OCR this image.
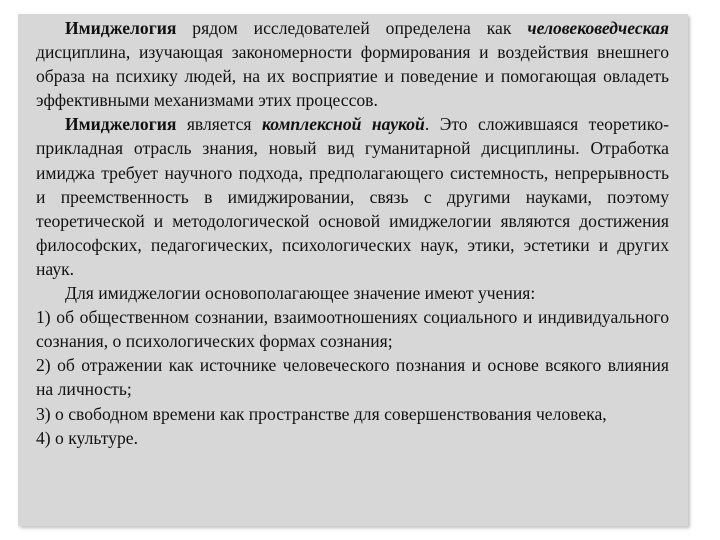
Имиджелогия рядом исследователей определена как человековедческая дисциплина, изучающая закономерности формирования и воздействия внешнего образа на психику людей, на их восприятие и поведение и помогающая овладеть эффективными механизмами этих процессов.

Имиджелогия является комплексной наукой. Это сложившаяся теоретико-прикладная отрасль знания, новый вид гуманитарной дисциплины. Отработка имиджа требует научного подхода, предполагающего системность, непрерывность и преемственность в имиджировании, связь с другими науками, поэтому теоретической и методологической основой имиджелогии являются достижения философских, педагогических, психологических наук, этики, эстетики и других наук.

Для имиджелогии основополагающее значение имеют учения:

1) об общественном сознании, взаимоотношениях социального и индивидуального сознания, о психологических формах сознания;

2) об отражении как источнике человеческого познания и основе всякого влияния на личность;

3) о свободном времени как пространстве для совершенствования человека,

4) о культуре.
